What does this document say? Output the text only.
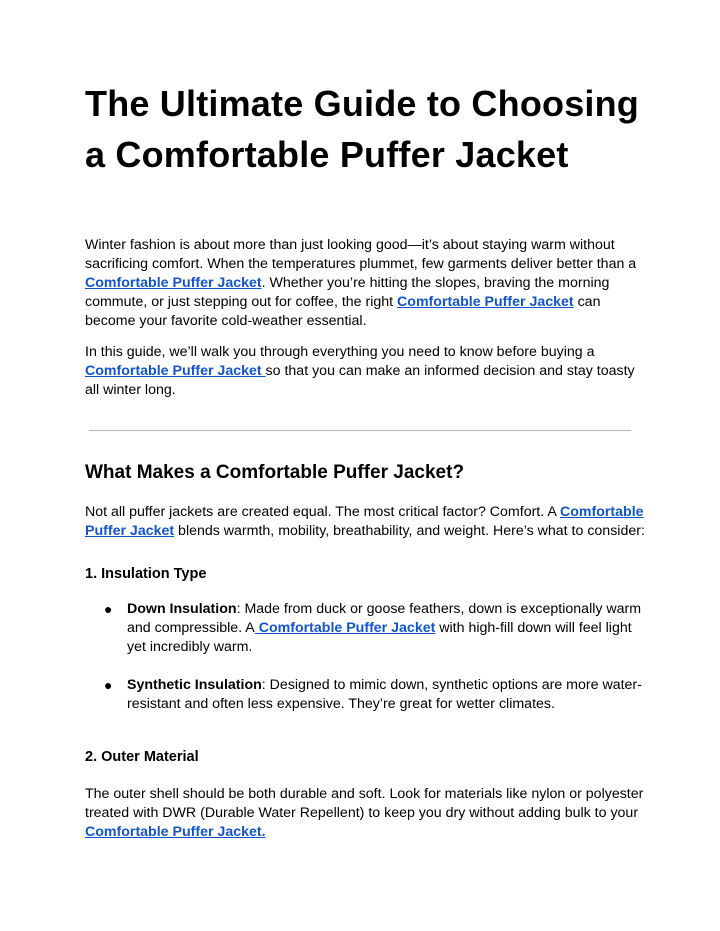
The Ultimate Guide to Choosing
a Comfortable Puffer Jacket

Winter fashion is about more than just looking good—it’s about staying warm without sacrificing comfort. When the temperatures plummet, few garments deliver better than a Comfortable Puffer Jacket. Whether you’re hitting the slopes, braving the morning commute, or just stepping out for coffee, the right Comfortable Puffer Jacket can become your favorite cold-weather essential.

In this guide, we’ll walk you through everything you need to know before buying a Comfortable Puffer Jacket so that you can make an informed decision and stay toasty all winter long.

What Makes a Comfortable Puffer Jacket?

Not all puffer jackets are created equal. The most critical factor? Comfort. A Comfortable Puffer Jacket blends warmth, mobility, breathability, and weight. Here’s what to consider:

1. Insulation Type
● Down Insulation: Made from duck or goose feathers, down is exceptionally warm and compressible. A Comfortable Puffer Jacket with high-fill down will feel light yet incredibly warm.
● Synthetic Insulation: Designed to mimic down, synthetic options are more water-resistant and often less expensive. They’re great for wetter climates.
2. Outer Material

The outer shell should be both durable and soft. Look for materials like nylon or polyester treated with DWR (Durable Water Repellent) to keep you dry without adding bulk to your Comfortable Puffer Jacket.
